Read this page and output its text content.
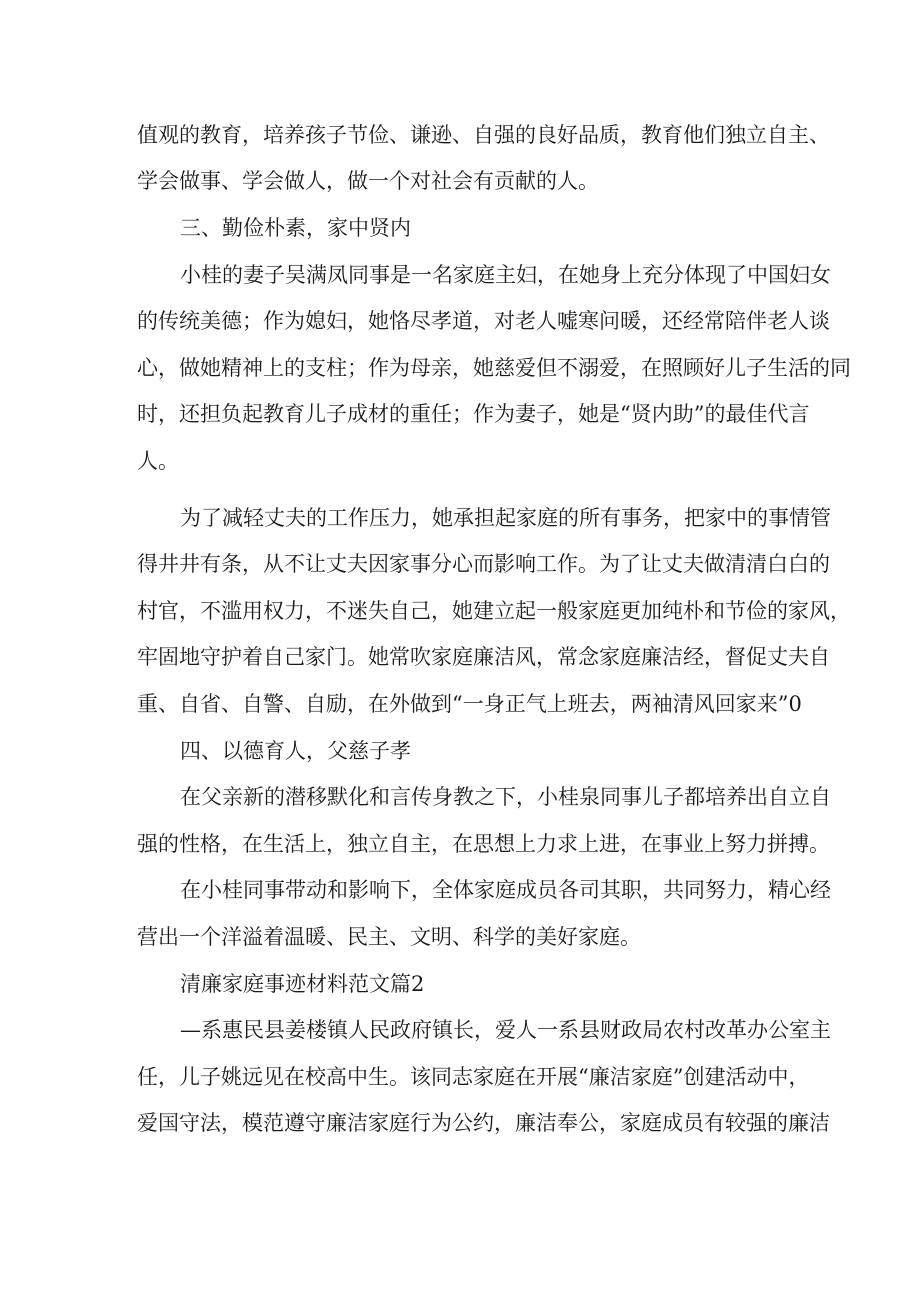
值观的教育，培养孩子节俭、谦逊、自强的良好品质，教育他们独立自主、

学会做事、学会做人，做一个对社会有贡献的人。

三、勤俭朴素，家中贤内

小桂的妻子吴满凤同事是一名家庭主妇，在她身上充分体现了中国妇女

的传统美德；作为媳妇，她恪尽孝道，对老人嘘寒问暖，还经常陪伴老人谈

心，做她精神上的支柱；作为母亲，她慈爱但不溺爱，在照顾好儿子生活的同

时，还担负起教育儿子成材的重任；作为妻子，她是“贤内助”的最佳代言

人。

为了减轻丈夫的工作压力，她承担起家庭的所有事务，把家中的事情管

得井井有条，从不让丈夫因家事分心而影响工作。为了让丈夫做清清白白的

村官，不滥用权力，不迷失自己，她建立起一般家庭更加纯朴和节俭的家风，

牢固地守护着自己家门。她常吹家庭廉洁风，常念家庭廉洁经，督促丈夫自

重、自省、自警、自励，在外做到“一身正气上班去，两袖清风回家来”0

四、以德育人，父慈子孝

在父亲新的潜移默化和言传身教之下，小桂泉同事儿子都培养出自立自

强的性格，在生活上，独立自主，在思想上力求上进，在事业上努力拼搏。

在小桂同事带动和影响下，全体家庭成员各司其职，共同努力，精心经

营出一个洋溢着温暖、民主、文明、科学的美好家庭。

清廉家庭事迹材料范文篇2

—系惠民县姜楼镇人民政府镇长，爱人一系县财政局农村改革办公室主

任，儿子姚远见在校高中生。该同志家庭在开展“廉洁家庭”创建活动中，

爱国守法，模范遵守廉洁家庭行为公约，廉洁奉公，家庭成员有较强的廉洁
